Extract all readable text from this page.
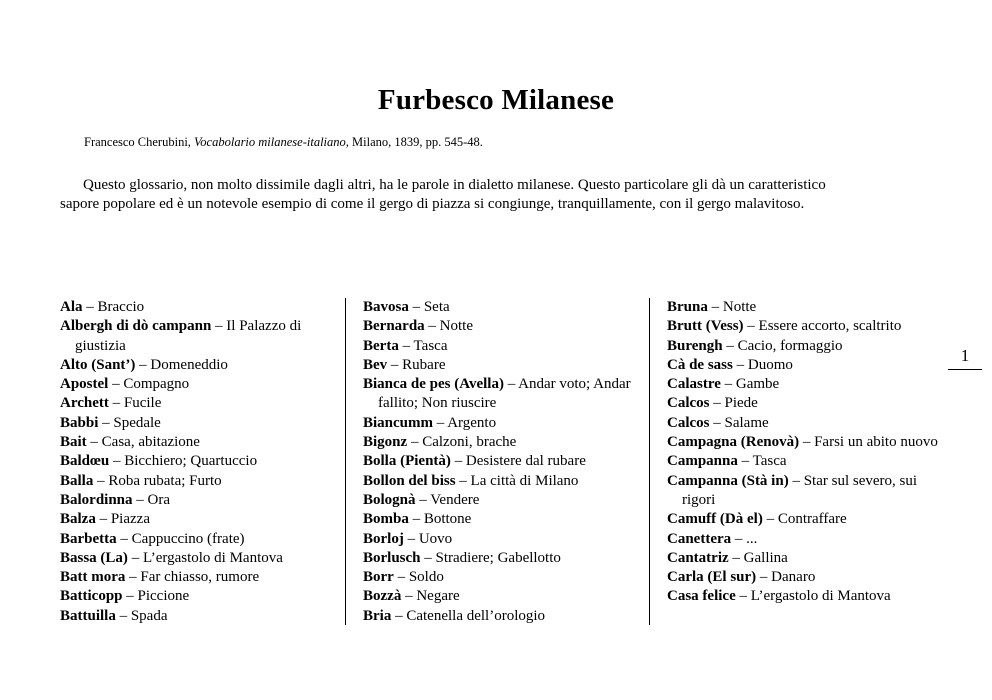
Furbesco Milanese
Francesco Cherubini, Vocabolario milanese-italiano, Milano, 1839, pp. 545-48.
Questo glossario, non molto dissimile dagli altri, ha le parole in dialetto milanese. Questo particolare gli dà un caratteristico
sapore popolare ed è un notevole esempio di come il gergo di piazza si congiunge, tranquillamente, con il gergo malavitoso.
Ala – Braccio
Albergh di dò campann – Il Palazzo di giustizia
Alto (Sant’) – Domeneddio
Apostel – Compagno
Archett – Fucile
Babbi – Spedale
Bait – Casa, abitazione
Baldœu – Bicchiero; Quartuccio
Balla – Roba rubata; Furto
Balordinna – Ora
Balza – Piazza
Barbetta – Cappuccino (frate)
Bassa (La) – L’ergastolo di Mantova
Batt mora – Far chiasso, rumore
Batticopp – Piccione
Battuilla – Spada
Bavosa – Seta
Bernarda – Notte
Berta – Tasca
Bev – Rubare
Bianca de pes (Avella) – Andar voto; Andar fallito; Non riuscire
Biancumm – Argento
Bigonz – Calzoni, brache
Bolla (Pientà) – Desistere dal rubare
Bollon del biss – La città di Milano
Bolognà – Vendere
Bomba – Bottone
Borloj – Uovo
Borlusch – Stradiere; Gabellotto
Borr – Soldo
Bozzà – Negare
Bria – Catenella dell’orologio
Bruna – Notte
Brutt (Vess) – Essere accorto, scaltrito
Burengh – Cacio, formaggio
Cà de sass – Duomo
Calastre – Gambe
Calcos – Piede
Calcos – Salame
Campagna (Renovà) – Farsi un abito nuovo
Campanna – Tasca
Campanna (Stà in) – Star sul severo, sui rigori
Camuff (Dà el) – Contraffare
Canettera – ...
Cantatriz – Gallina
Carla (El sur) – Danaro
Casa felice – L’ergastolo di Mantova
1
